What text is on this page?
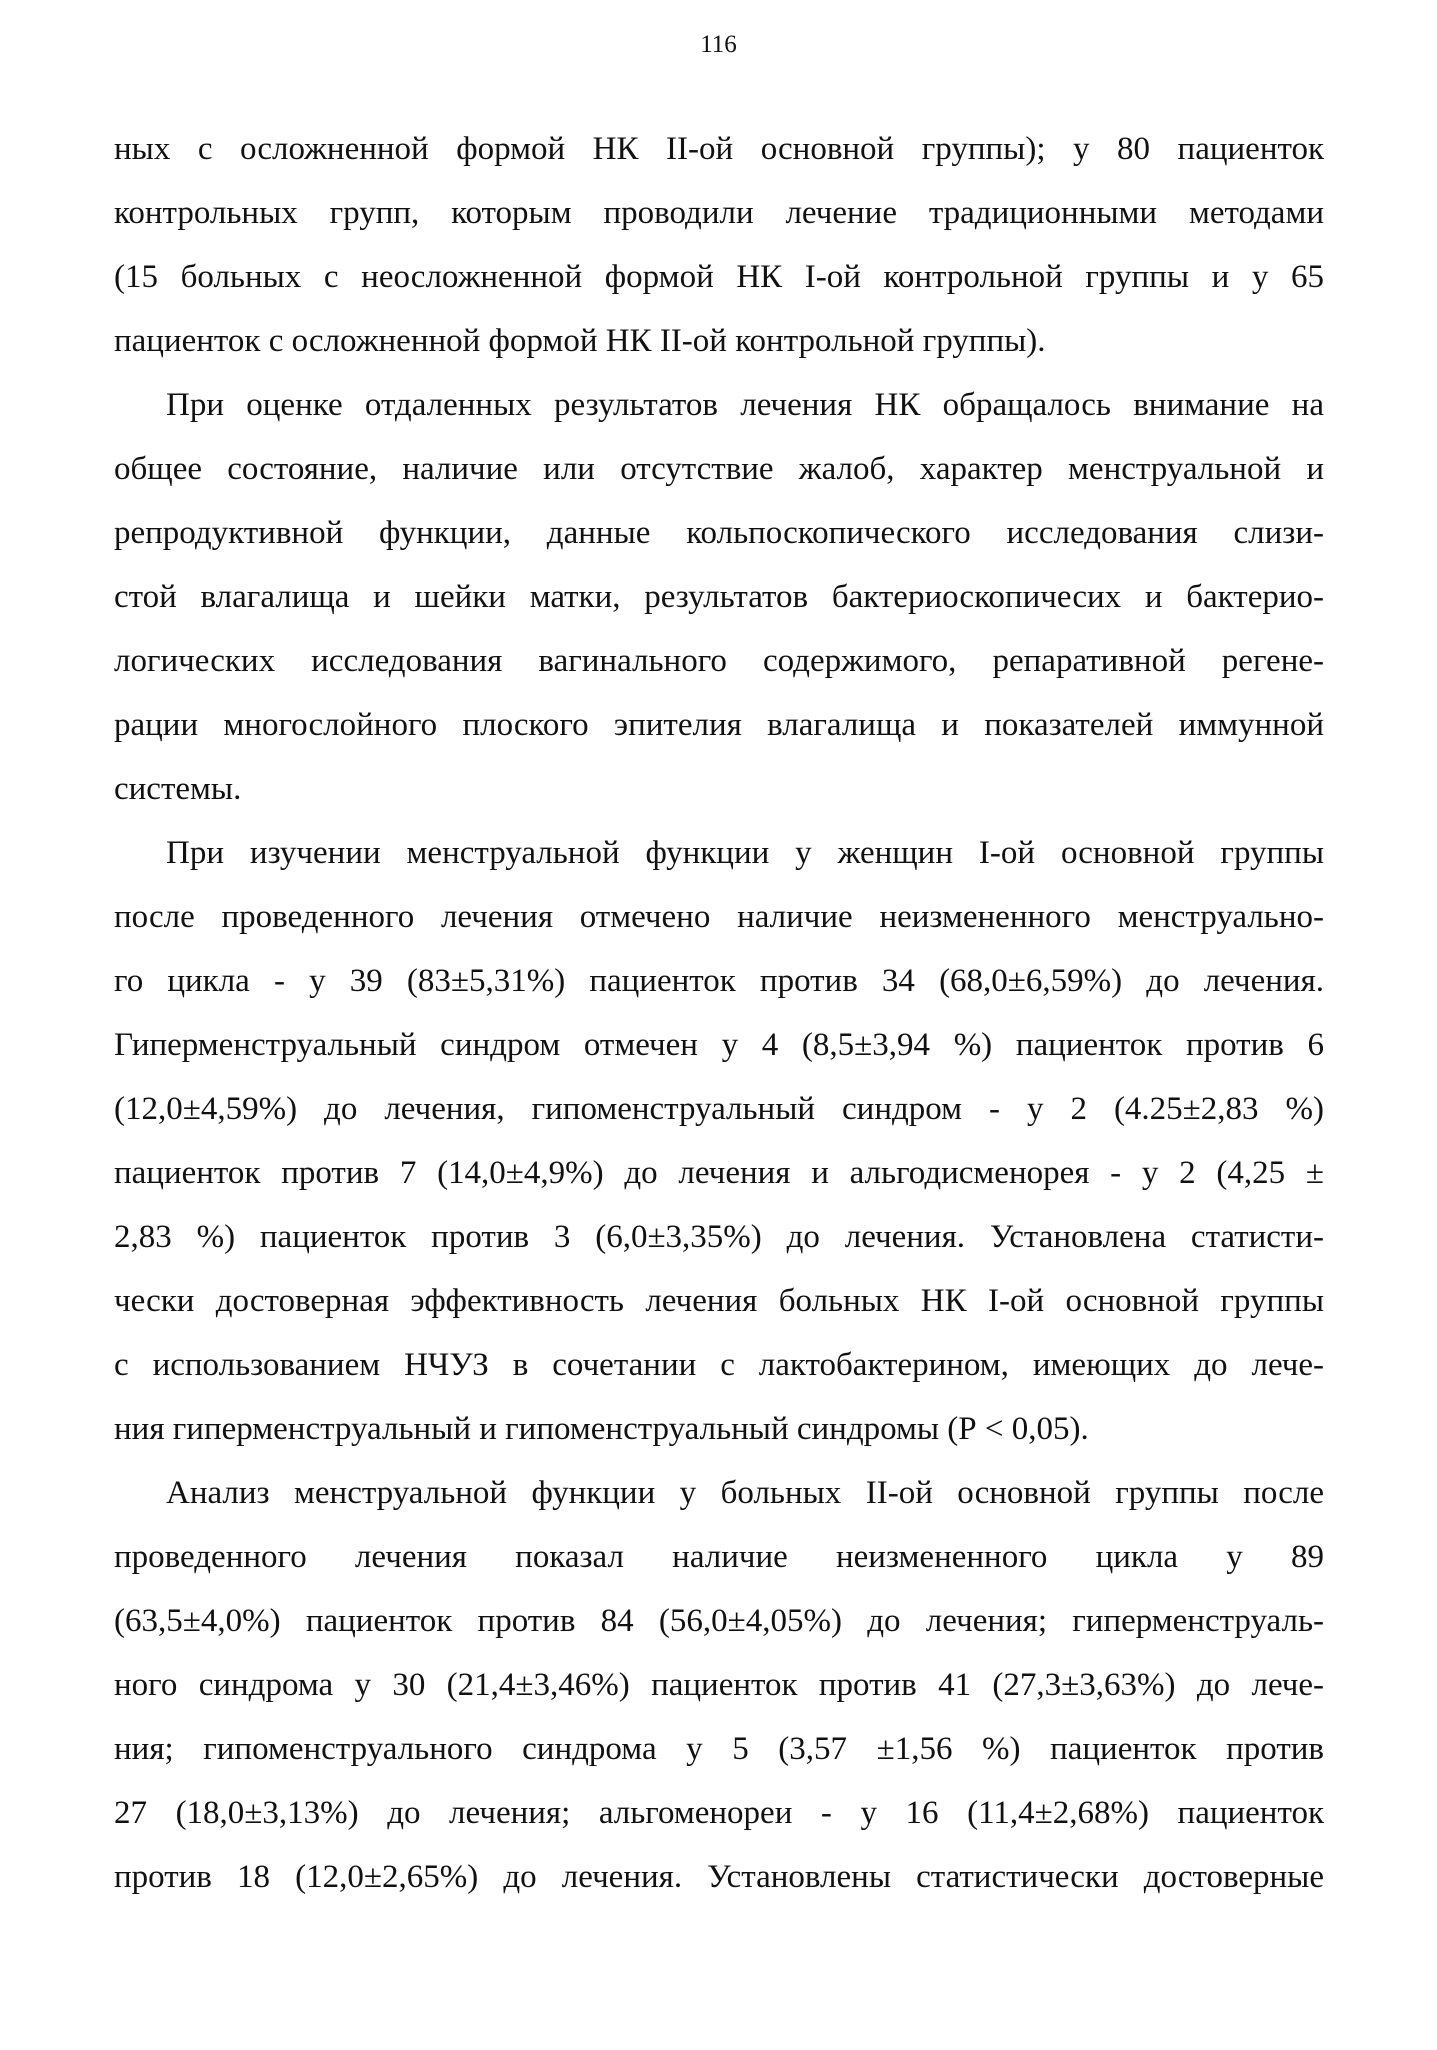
116
ных с осложненной формой НК II-ой основной группы); у 80 пациенток
контрольных групп, которым проводили лечение традиционными методами
(15 больных с неосложненной формой НК I-ой контрольной группы и у 65
пациенток с осложненной формой НК II-ой контрольной группы).
При оценке отдаленных результатов лечения НК обращалось внимание на
общее состояние, наличие или отсутствие жалоб, характер менструальной и
репродуктивной функции, данные кольпоскопического исследования слизи-
стой влагалища и шейки матки, результатов бактериоскопичесих и бактерио-
логических исследования вагинального содержимого, репаративной регене-
рации многослойного плоского эпителия влагалища и показателей иммунной
системы.
При изучении менструальной функции у женщин I-ой основной группы
после проведенного лечения отмечено наличие неизмененного менструально-
го цикла - у 39 (83±5,31%) пациенток против 34 (68,0±6,59%) до лечения.
Гиперменструальный синдром отмечен у 4 (8,5±3,94 %) пациенток против 6
(12,0±4,59%) до лечения, гипоменструальный синдром - у 2 (4.25±2,83 %)
пациенток против 7 (14,0±4,9%) до лечения и альгодисменорея - у 2 (4,25 ±
2,83 %) пациенток против 3 (6,0±3,35%) до лечения. Установлена статисти-
чески достоверная эффективность лечения больных НК I-ой основной группы
с использованием НЧУЗ в сочетании с лактобактерином, имеющих до лече-
ния гиперменструальный и гипоменструальный синдромы (Р < 0,05).
Анализ менструальной функции у больных II-ой основной группы после
проведенного лечения показал наличие неизмененного цикла у 89
(63,5±4,0%) пациенток против 84 (56,0±4,05%) до лечения; гиперменструаль-
ного синдрома у 30 (21,4±3,46%) пациенток против 41 (27,3±3,63%) до лече-
ния; гипоменструального синдрома у 5 (3,57 ±1,56 %) пациенток против
27 (18,0±3,13%) до лечения; альгоменореи - у 16 (11,4±2,68%) пациенток
против 18 (12,0±2,65%) до лечения. Установлены статистически достоверные
